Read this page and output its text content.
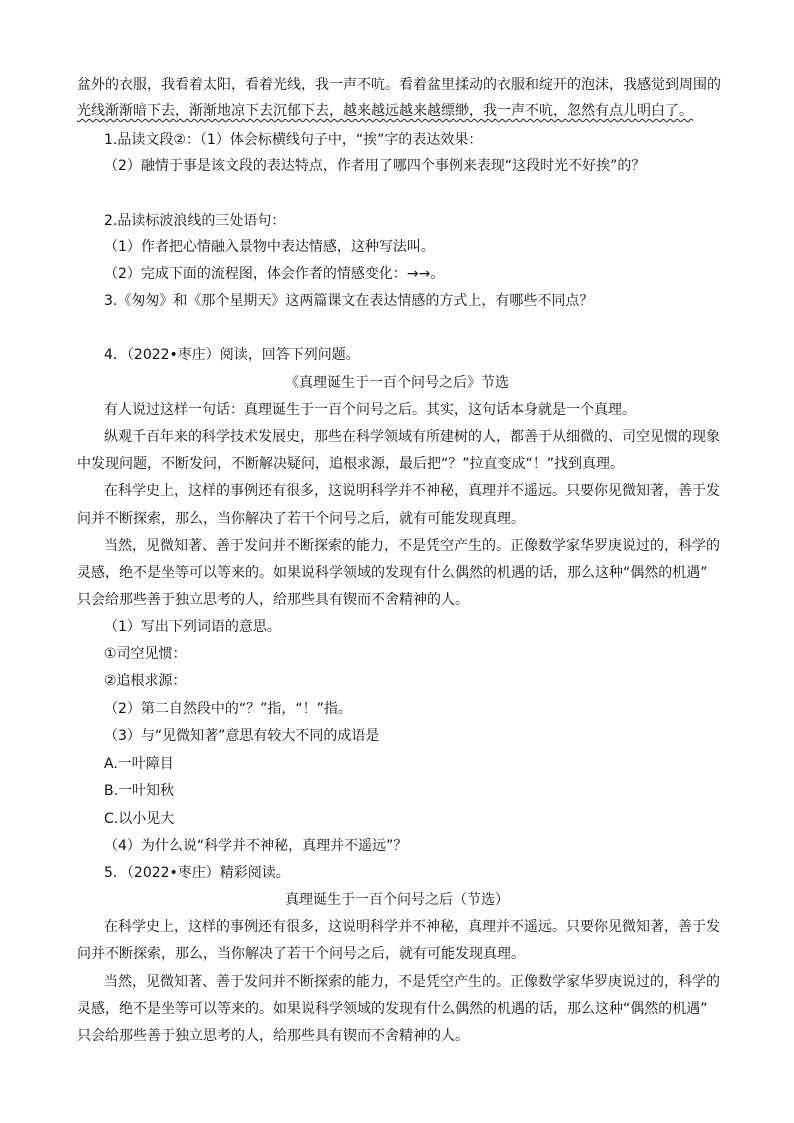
盆外的衣服，我看着太阳，看着光线，我一声不吭。看着盆里揉动的衣服和绽开的泡沫，我感觉到周围的
光线渐渐暗下去，渐渐地凉下去沉郁下去，越来越远越来越缥缈，我一声不吭，忽然有点儿明白了。
1.品读文段②：（1）体会标横线句子中，“挨”字的表达效果：
（2）融情于事是该文段的表达特点，作者用了哪四个事例来表现“这段时光不好挨”的？
2.品读标波浪线的三处语句：
（1）作者把心情融入景物中表达情感，这种写法叫。
（2）完成下面的流程图，体会作者的情感变化：→→。
3.《匆匆》和《那个星期天》这两篇课文在表达情感的方式上，有哪些不同点？
4．（2022•枣庄）阅读，回答下列问题。
《真理诞生于一百个问号之后》节选
有人说过这样一句话：真理诞生于一百个问号之后。其实，这句话本身就是一个真理。
纵观千百年来的科学技术发展史，那些在科学领域有所建树的人，都善于从细微的、司空见惯的现象
中发现问题，不断发问，不断解决疑问，追根求源，最后把“？”拉直变成“！”找到真理。
在科学史上，这样的事例还有很多，这说明科学并不神秘，真理并不遥远。只要你见微知著，善于发
问并不断探索，那么，当你解决了若干个问号之后，就有可能发现真理。
当然，见微知著、善于发问并不断探索的能力，不是凭空产生的。正像数学家华罗庚说过的，科学的
灵感，绝不是坐等可以等来的。如果说科学领域的发现有什么偶然的机遇的话，那么这种“偶然的机遇”
只会给那些善于独立思考的人，给那些具有锲而不舍精神的人。
（1）写出下列词语的意思。
①司空见惯：
②追根求源：
（2）第二自然段中的“？”指，“！”指。
（3）与“见微知著”意思有较大不同的成语是
A.一叶障目
B.一叶知秋
C.以小见大
（4）为什么说“科学并不神秘，真理并不遥远”？
5．（2022•枣庄）精彩阅读。
真理诞生于一百个问号之后（节选）
在科学史上，这样的事例还有很多，这说明科学并不神秘，真理并不遥远。只要你见微知著，善于发
问并不断探索，那么，当你解决了若干个问号之后，就有可能发现真理。
当然，见微知著、善于发问并不断探索的能力，不是凭空产生的。正像数学家华罗庚说过的，科学的
灵感，绝不是坐等可以等来的。如果说科学领域的发现有什么偶然的机遇的话，那么这种“偶然的机遇”
只会给那些善于独立思考的人，给那些具有锲而不舍精神的人。
